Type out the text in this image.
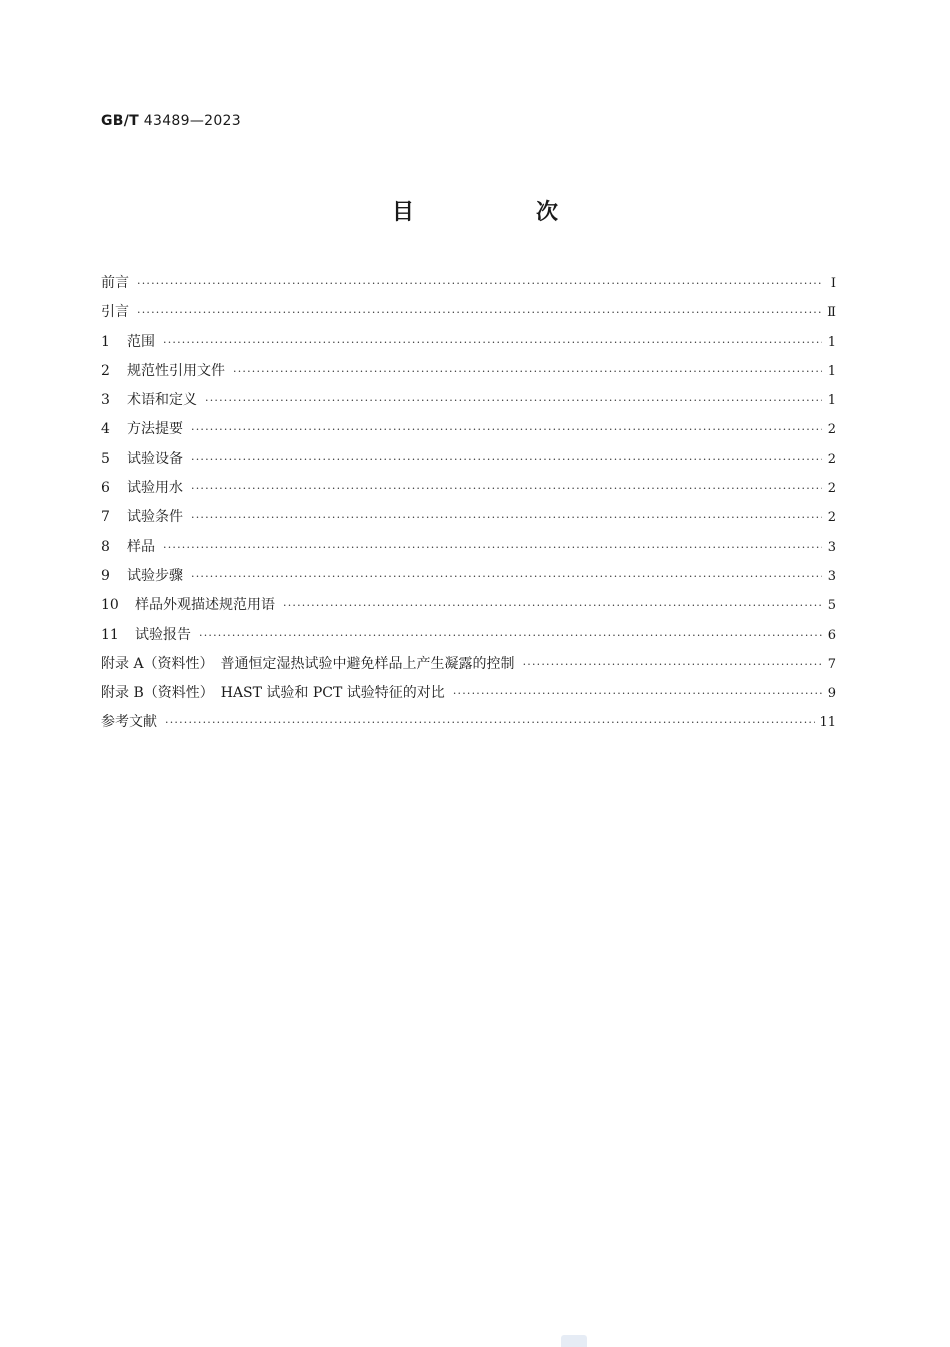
GB/T 43489—2023
目　次
前言 ·····	Ⅰ
引言 ·····	Ⅱ
1	范围 ·····	1
2	规范性引用文件 ·····	1
3	术语和定义 ·····	1
4	方法提要 ·····	2
5	试验设备 ·····	2
6	试验用水 ·····	2
7	试验条件 ·····	2
8	样品 ·····	3
9	试验步骤 ·····	3
10	样品外观描述规范用语 ·····	5
11	试验报告 ·····	6
附录 A（资料性）　普通恒定湿热试验中避免样品上产生凝露的控制 ·····	7
附录 B（资料性）　HAST 试验和 PCT 试验特征的对比 ·····	9
参考文献 ·····	11
